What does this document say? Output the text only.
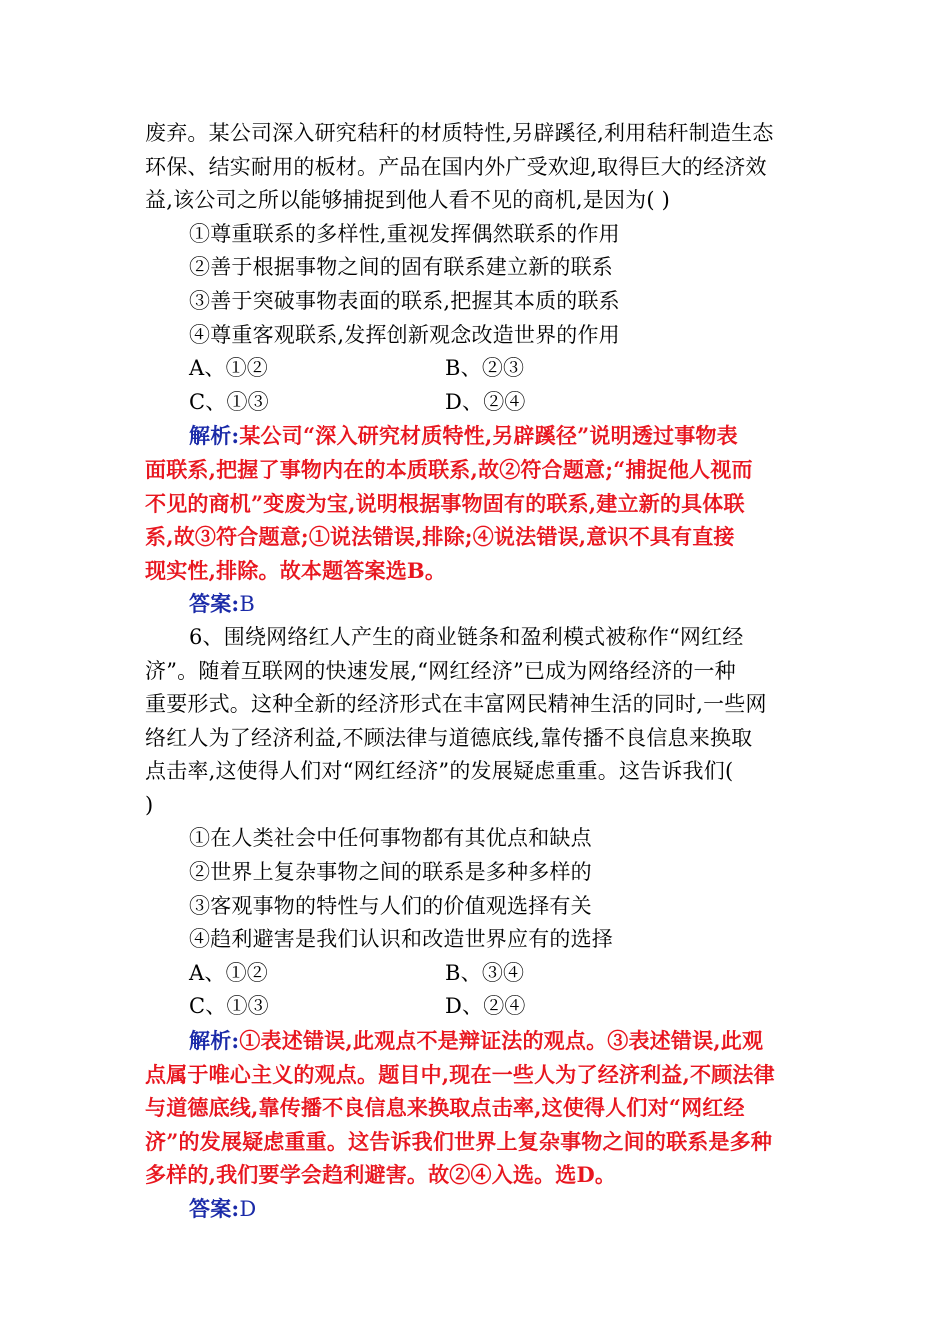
废弃。某公司深入研究秸秆的材质特性,另辟蹊径,利用秸秆制造生态
环保、结实耐用的板材。产品在国内外广受欢迎,取得巨大的经济效
益,该公司之所以能够捕捉到他人看不见的商机,是因为( )
①尊重联系的多样性,重视发挥偶然联系的作用
②善于根据事物之间的固有联系建立新的联系
③善于突破事物表面的联系,把握其本质的联系
④尊重客观联系,发挥创新观念改造世界的作用
A、①②	B、②③
C、①③	D、②④
解析:某公司“深入研究材质特性,另辟蹊径”说明透过事物表
面联系,把握了事物内在的本质联系,故②符合题意;“捕捉他人视而
不见的商机”变废为宝,说明根据事物固有的联系,建立新的具体联
系,故③符合题意;①说法错误,排除;④说法错误,意识不具有直接
现实性,排除。故本题答案选B。
答案:B
6、围绕网络红人产生的商业链条和盈利模式被称作“网红经
济”。随着互联网的快速发展,“网红经济”已成为网络经济的一种
重要形式。这种全新的经济形式在丰富网民精神生活的同时,一些网
络红人为了经济利益,不顾法律与道德底线,靠传播不良信息来换取
点击率,这使得人们对“网红经济”的发展疑虑重重。这告诉我们(
)
①在人类社会中任何事物都有其优点和缺点
②世界上复杂事物之间的联系是多种多样的
③客观事物的特性与人们的价值观选择有关
④趋利避害是我们认识和改造世界应有的选择
A、①②	B、③④
C、①③	D、②④
解析:①表述错误,此观点不是辩证法的观点。③表述错误,此观
点属于唯心主义的观点。题目中,现在一些人为了经济利益,不顾法律
与道德底线,靠传播不良信息来换取点击率,这使得人们对“网红经
济”的发展疑虑重重。这告诉我们世界上复杂事物之间的联系是多种
多样的,我们要学会趋利避害。故②④入选。选D。
答案:D
